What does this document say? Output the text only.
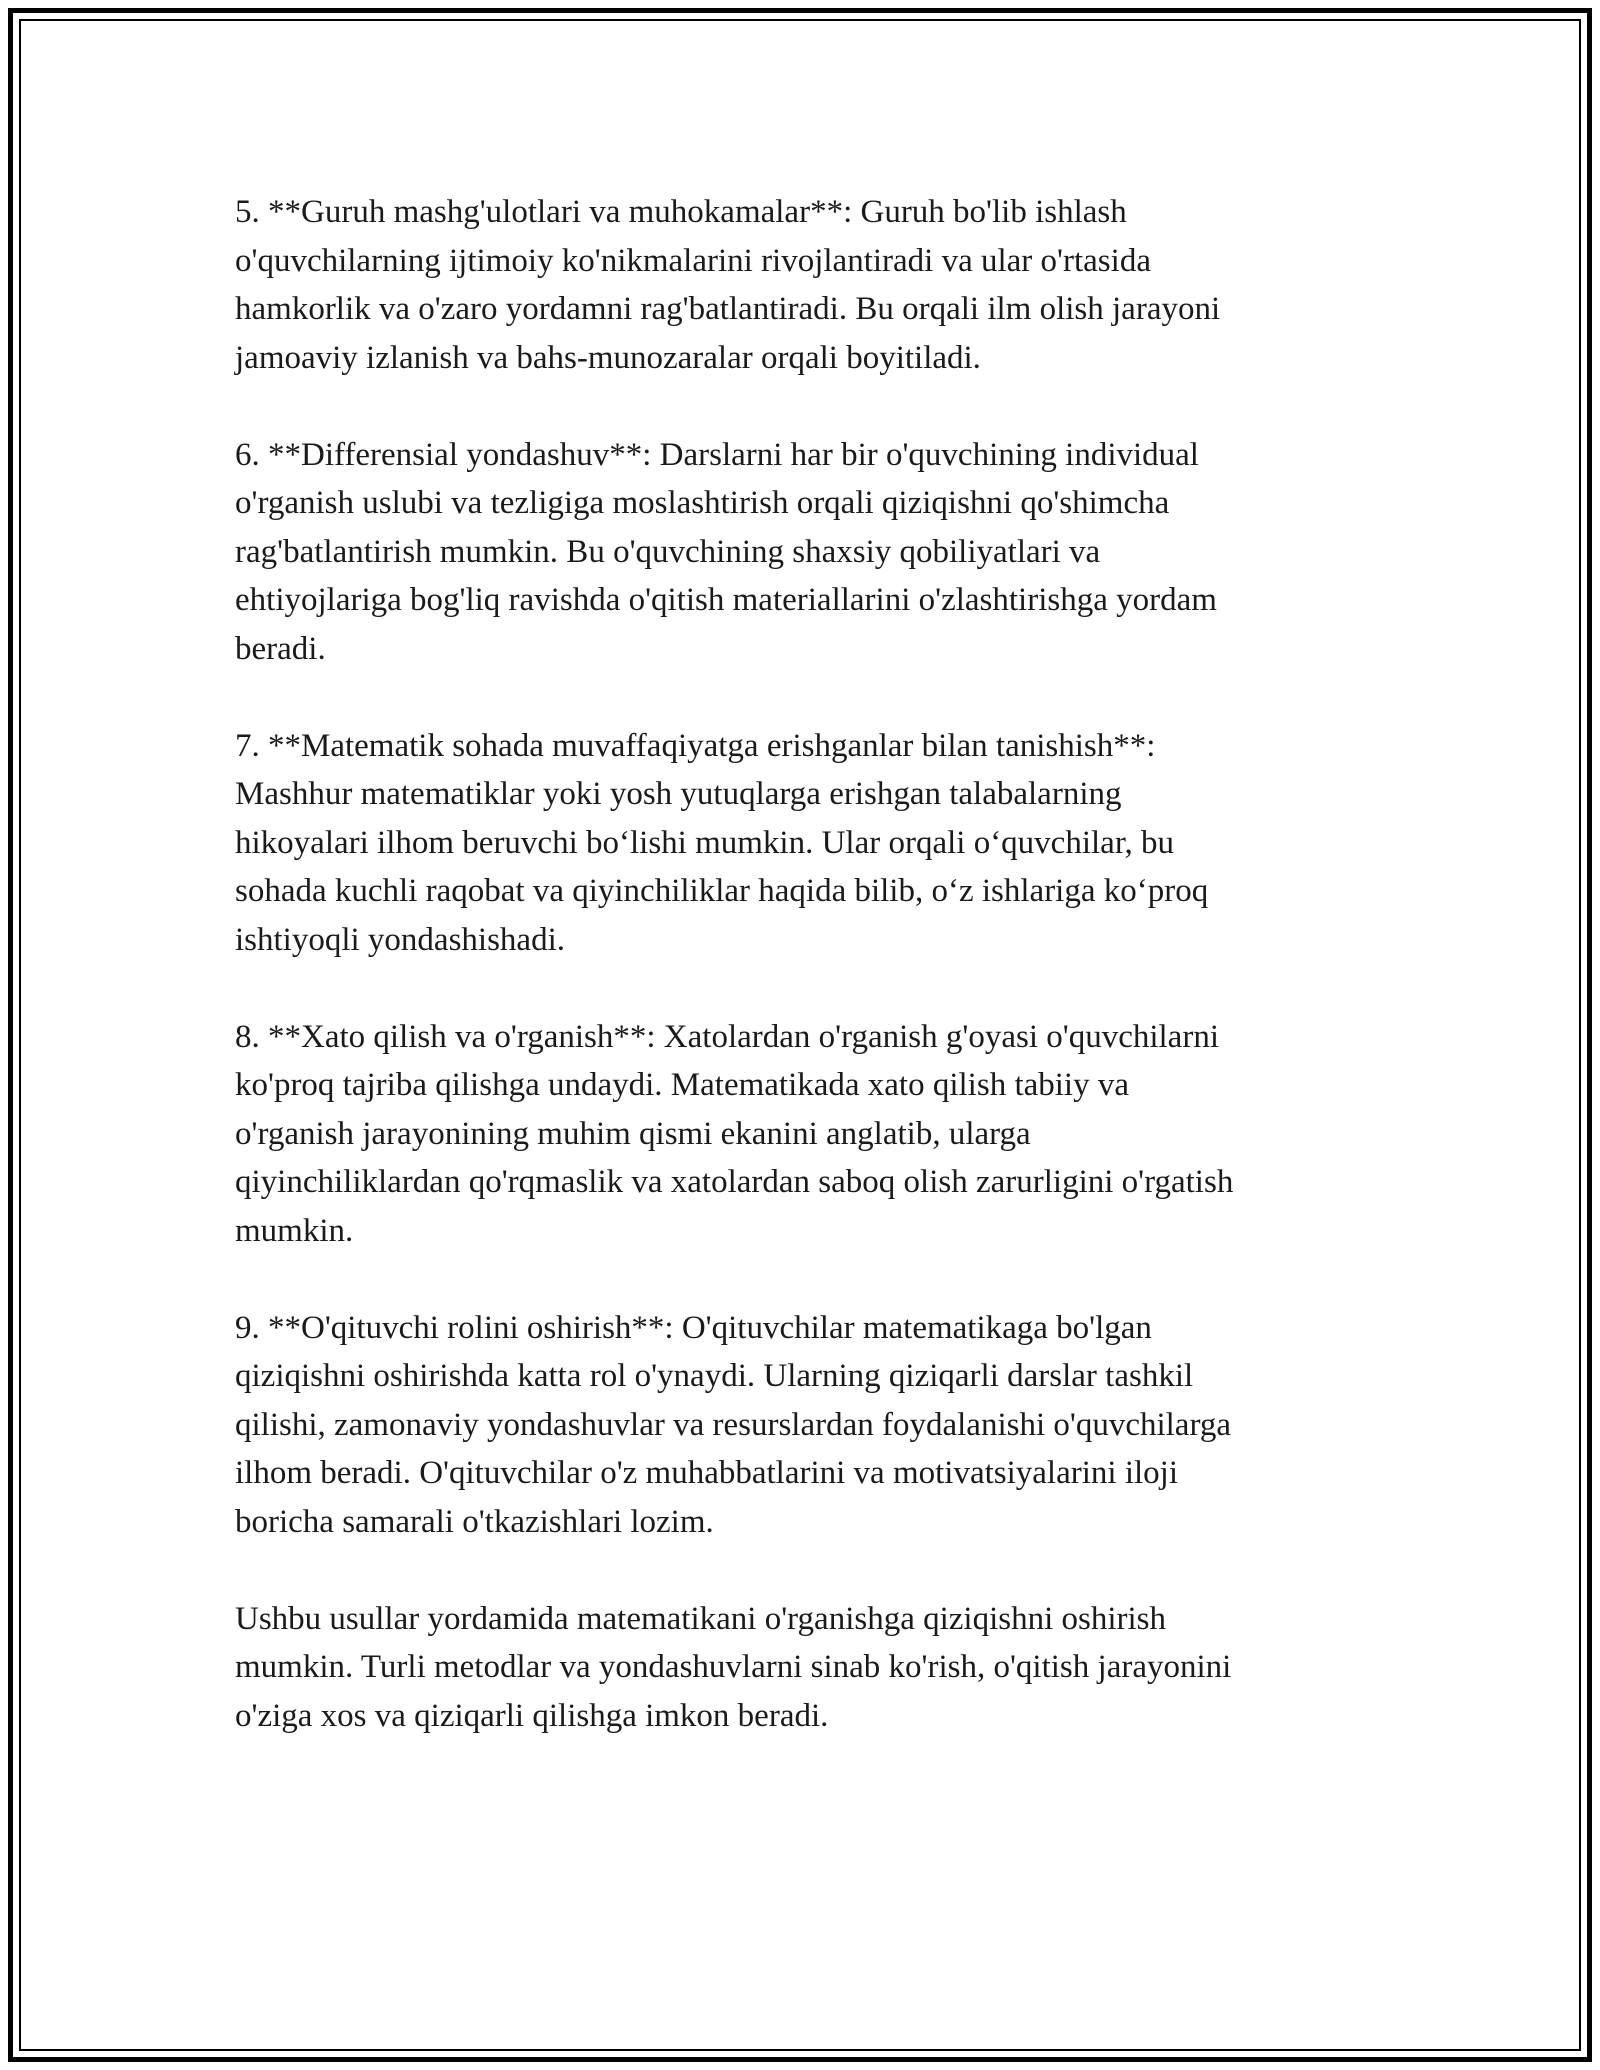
5. **Guruh mashg'ulotlari va muhokamalar**: Guruh bo'lib ishlash
o'quvchilarning ijtimoiy ko'nikmalarini rivojlantiradi va ular o'rtasida
hamkorlik va o'zaro yordamni rag'batlantiradi. Bu orqali ilm olish jarayoni
jamoaviy izlanish va bahs-munozaralar orqali boyitiladi.

6. **Differensial yondashuv**: Darslarni har bir o'quvchining individual
o'rganish uslubi va tezligiga moslashtirish orqali qiziqishni qo'shimcha
rag'batlantirish mumkin. Bu o'quvchining shaxsiy qobiliyatlari va
ehtiyojlariga bog'liq ravishda o'qitish materiallarini o'zlashtirishga yordam
beradi.

7. **Matematik sohada muvaffaqiyatga erishganlar bilan tanishish**:
Mashhur matematiklar yoki yosh yutuqlarga erishgan talabalarning
hikoyalari ilhom beruvchi bo‘lishi mumkin. Ular orqali o‘quvchilar, bu
sohada kuchli raqobat va qiyinchiliklar haqida bilib, o‘z ishlariga ko‘proq
ishtiyoqli yondashishadi.

8. **Xato qilish va o'rganish**: Xatolardan o'rganish g'oyasi o'quvchilarni
ko'proq tajriba qilishga undaydi. Matematikada xato qilish tabiiy va
o'rganish jarayonining muhim qismi ekanini anglatib, ularga
qiyinchiliklardan qo'rqmaslik va xatolardan saboq olish zarurligini o'rgatish
mumkin.

9. **O'qituvchi rolini oshirish**: O'qituvchilar matematikaga bo'lgan
qiziqishni oshirishda katta rol o'ynaydi. Ularning qiziqarli darslar tashkil
qilishi, zamonaviy yondashuvlar va resurslardan foydalanishi o'quvchilarga
ilhom beradi. O'qituvchilar o'z muhabbatlarini va motivatsiyalarini iloji
boricha samarali o'tkazishlari lozim.

Ushbu usullar yordamida matematikani o'rganishga qiziqishni oshirish
mumkin. Turli metodlar va yondashuvlarni sinab ko'rish, o'qitish jarayonini
o'ziga xos va qiziqarli qilishga imkon beradi.
